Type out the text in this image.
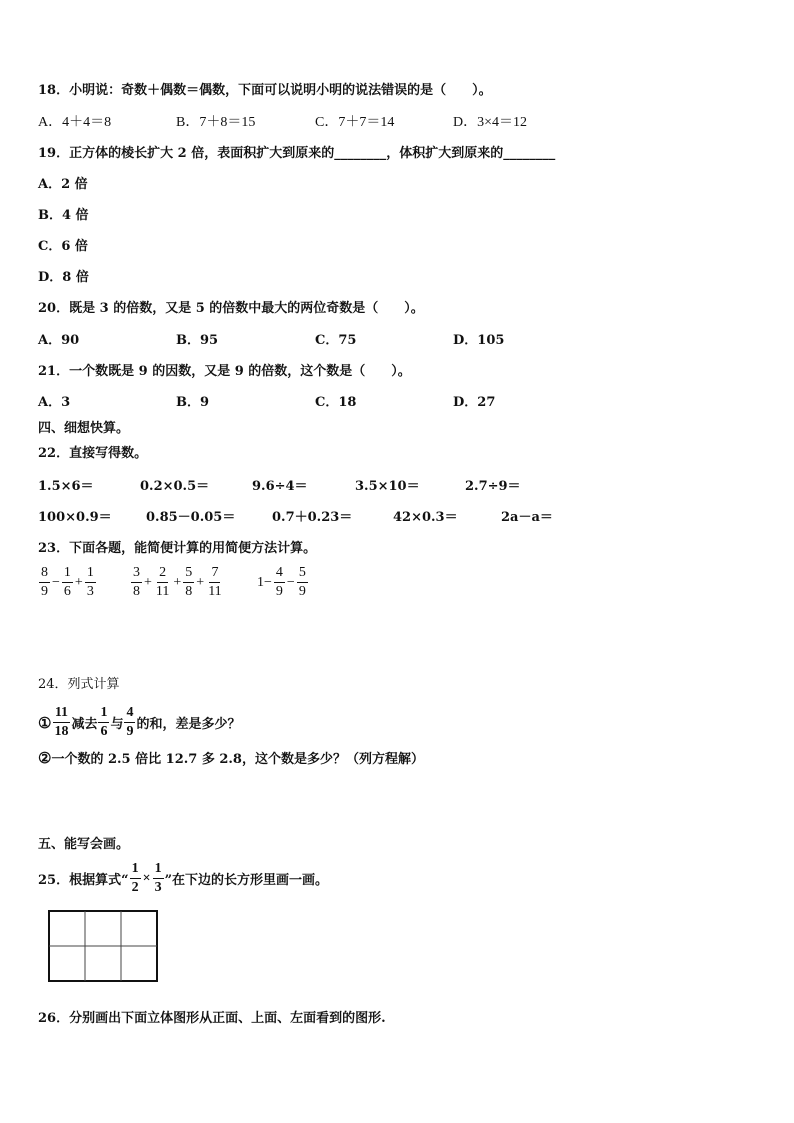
18．小明说：奇数＋偶数＝偶数，下面可以说明小明的说法错误的是（　　）。
A．4＋4＝8	B．7＋8＝15	C．7＋7＝14	D．3×4＝12
19．正方体的棱长扩大 2 倍，表面积扩大到原来的________，体积扩大到原来的________
A．2 倍
B．4 倍
C．6 倍
D．8 倍
20．既是 3 的倍数，又是 5 的倍数中最大的两位奇数是（　　）。
A．90	B．95	C．75	D．105
21．一个数既是 9 的因数，又是 9 的倍数，这个数是（　　）。
A．3	B．9	C．18	D．27
四、细想快算。
22．直接写得数。
1.5×6＝	0.2×0.5＝	9.6÷4＝	3.5×10＝	2.7÷9＝
100×0.9＝	0.85－0.05＝	0.7＋0.23＝	42×0.3＝	2a－a＝
23．下面各题，能简便计算的用简便方法计算。
$\frac{8}{9} - \frac{1}{6} + \frac{1}{3}$	$\frac{3}{8} + \frac{2}{11} + \frac{5}{8} + \frac{7}{11} 1- \frac{4}{9} - \frac{5}{9}$
24．列式计算
① $\frac{11}{18}$ 减去 $\frac{1}{6}$ 与 $\frac{4}{9}$ 的和，差是多少？
② 一个数的 2.5 倍比 12.7 多 2.8，这个数是多少？（列方程解）
五、能写会画。
25．根据算式“ $\frac{1}{2} \times \frac{1}{3}$ ”在下边的长方形里画一画。
26．分别画出下面立体图形从正面、上面、左面看到的图形.
